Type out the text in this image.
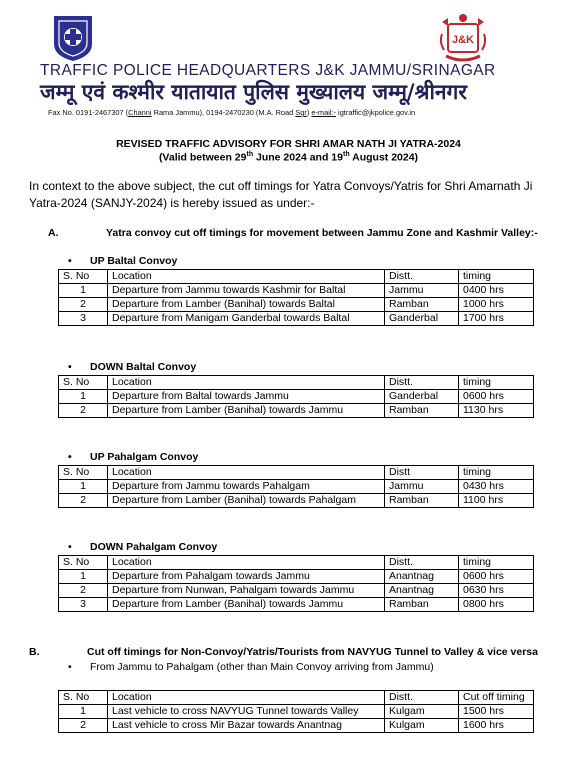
J&K
TRAFFIC POLICE HEADQUARTERS J&K JAMMU/SRINAGAR
जम्मू एवं कश्मीर यातायात पुलिस मुख्यालय जम्मू/श्रीनगर
Fax No. 0191-2467307 (Channi Rama Jammu), 0194-2470230 (M.A. Road Sgr) e-mail:- igtraffic@jkpolice.gov.in
REVISED TRAFFIC ADVISORY FOR SHRI AMAR NATH JI YATRA-2024
(Valid between 29th June 2024 and 19th August 2024)
In context to the above subject, the cut off timings for Yatra Convoys/Yatris for Shri Amarnath Ji Yatra-2024 (SANJY-2024) is hereby issued as under:-
A.	Yatra convoy cut off timings for movement between Jammu Zone and Kashmir Valley:-
• UP Baltal Convoy
S. No	Location	Distt.	timing
1	Departure from Jammu towards Kashmir for Baltal	Jammu	0400 hrs
2	Departure from Lamber (Banihal) towards Baltal	Ramban	1000 hrs
3	Departure from Manigam Ganderbal towards Baltal	Ganderbal	1700 hrs
• DOWN Baltal Convoy
S. No	Location	Distt.	timing
1	Departure from Baltal towards Jammu	Ganderbal	0600 hrs
2	Departure from Lamber (Banihal) towards Jammu	Ramban	1130 hrs
• UP Pahalgam Convoy
S. No	Location	Distt	timing
1	Departure from Jammu towards Pahalgam	Jammu	0430 hrs
2	Departure from Lamber (Banihal) towards Pahalgam	Ramban	1100 hrs
• DOWN Pahalgam Convoy
S. No	Location	Distt.	timing
1	Departure from Pahalgam towards Jammu	Anantnag	0600 hrs
2	Departure from Nunwan, Pahalgam towards Jammu	Anantnag	0630 hrs
3	Departure from Lamber (Banihal) towards Jammu	Ramban	0800 hrs
B.	Cut off timings for Non-Convoy/Yatris/Tourists from NAVYUG Tunnel to Valley & vice versa
• From Jammu to Pahalgam (other than Main Convoy arriving from Jammu)
S. No	Location	Distt.	Cut off timing
1	Last vehicle to cross NAVYUG Tunnel towards Valley	Kulgam	1500 hrs
2	Last vehicle to cross Mir Bazar towards Anantnag	Kulgam	1600 hrs
